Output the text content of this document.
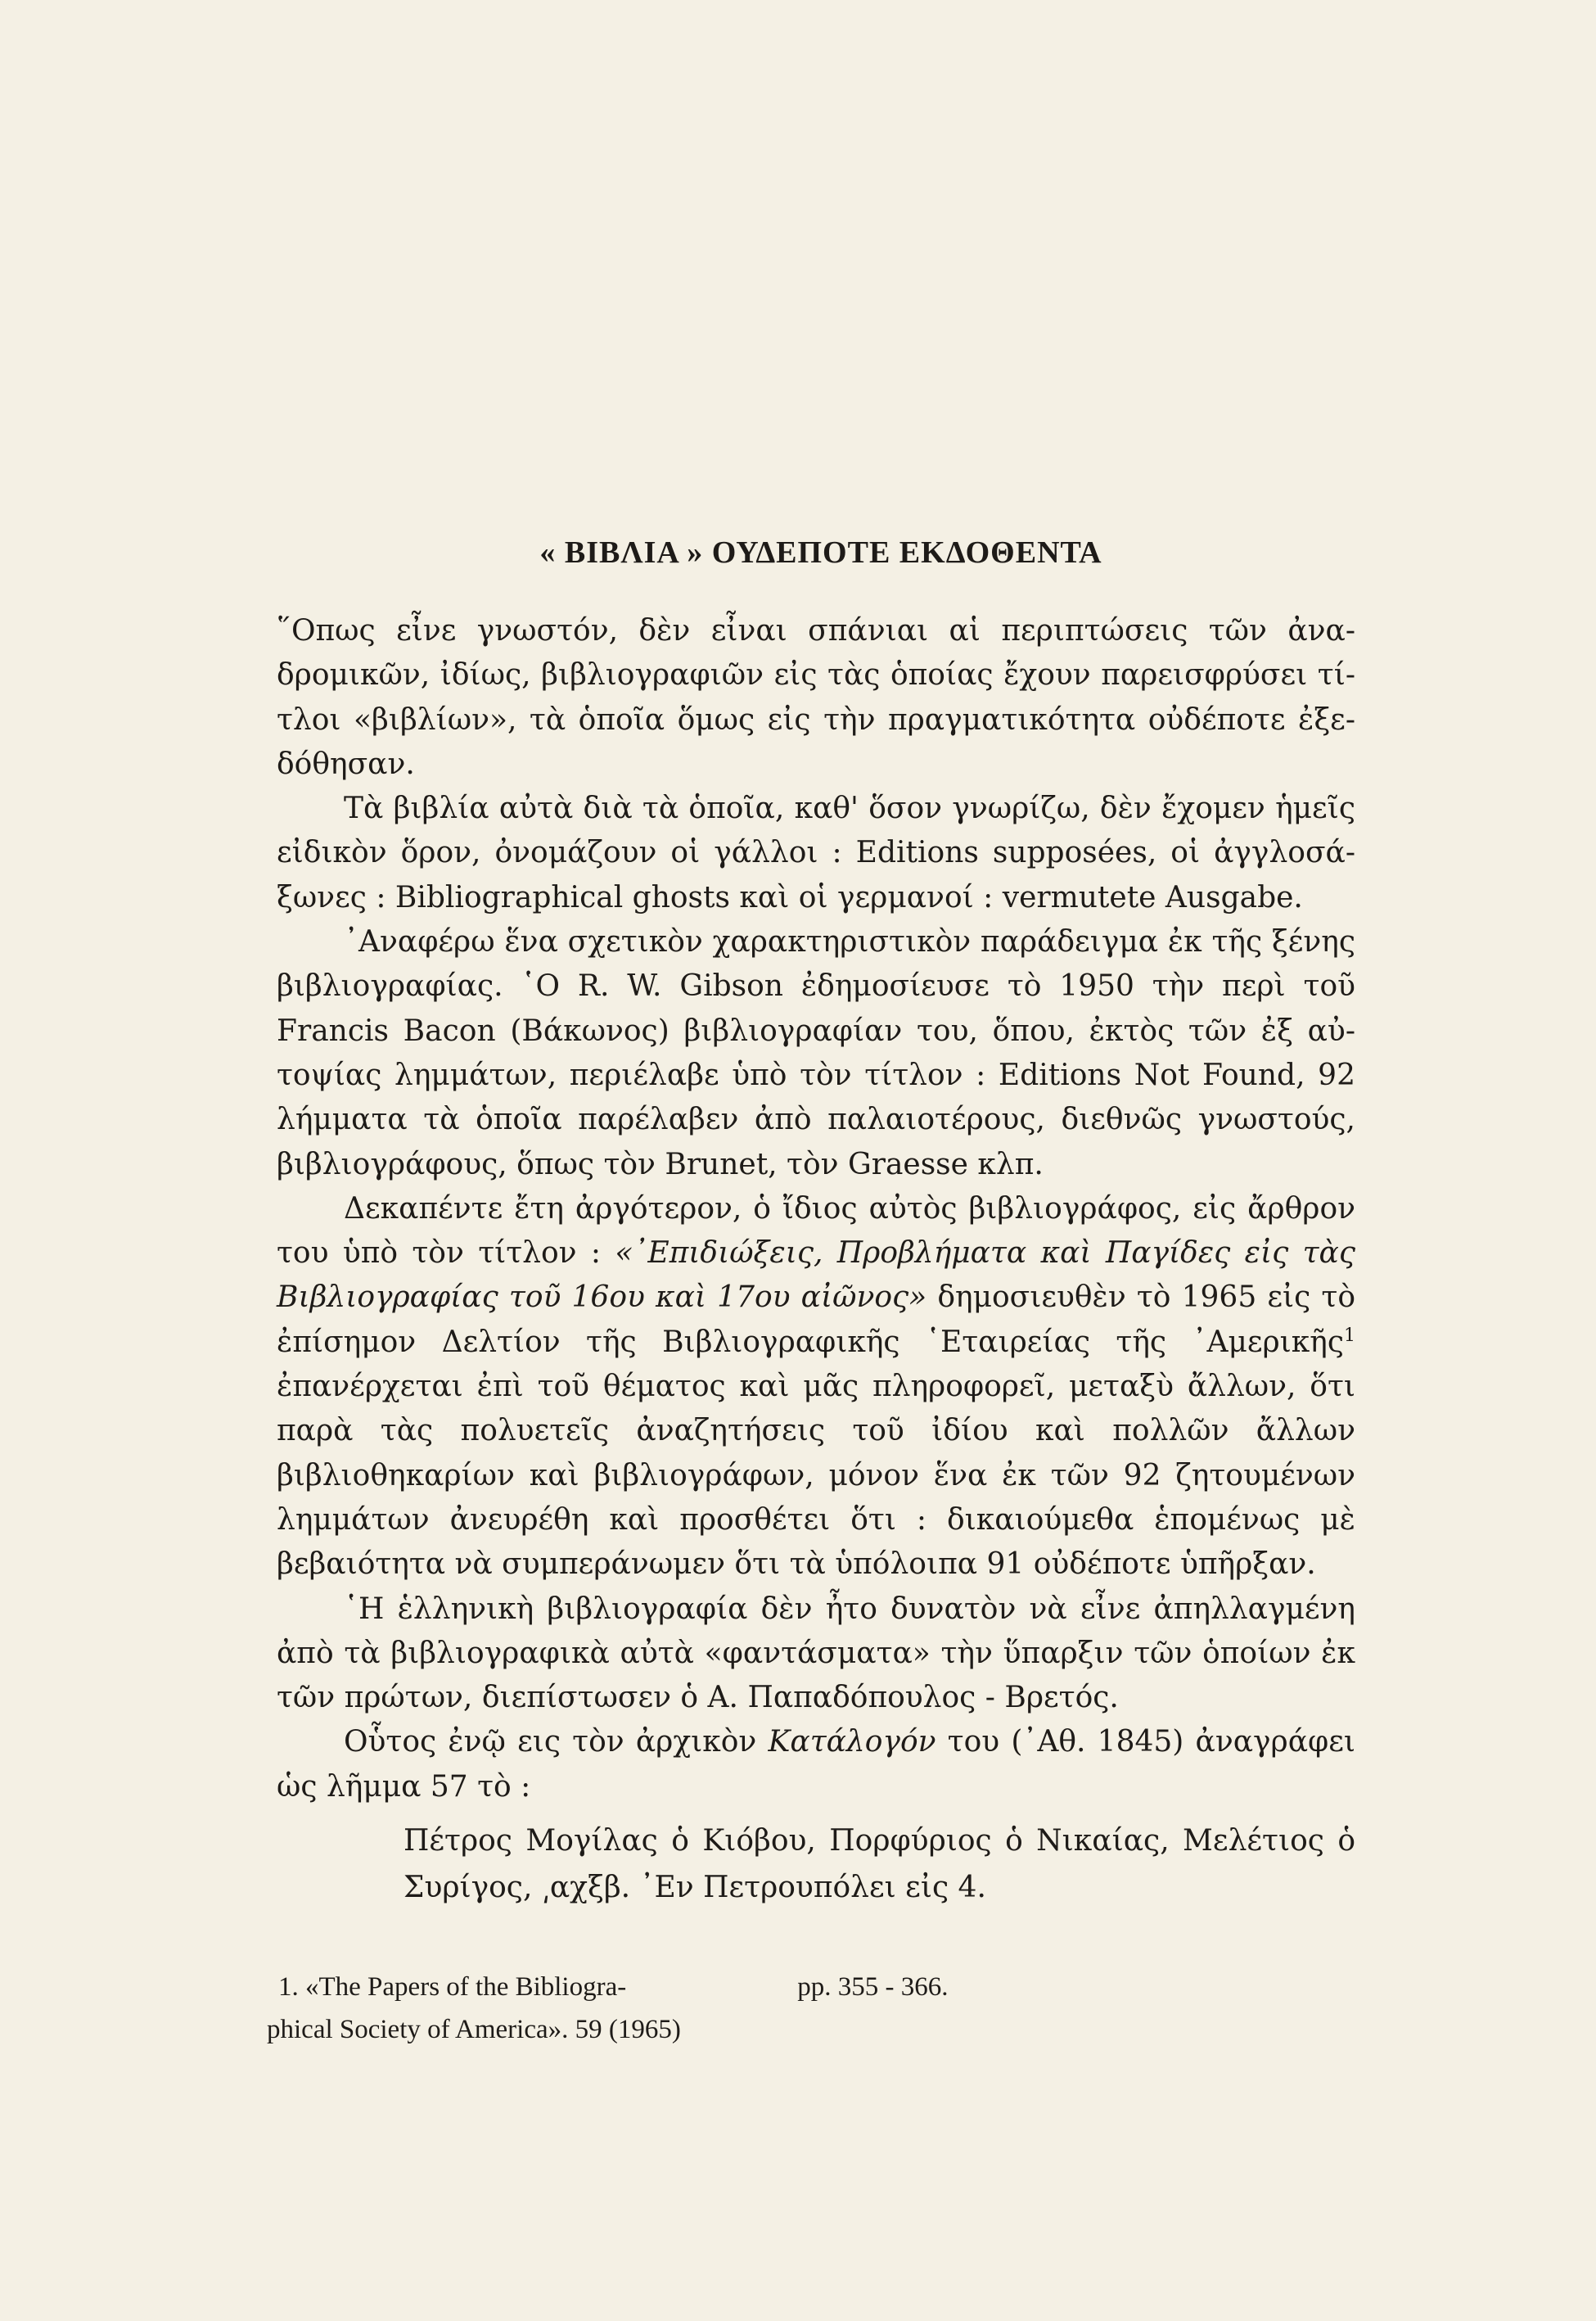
« ΒΙΒΛΙΑ » ΟΥΔΕΠΟΤΕ ΕΚΔΟΘΕΝΤΑ

῞Οπως εἶνε γνωστόν, δὲν εἶναι σπάνιαι αἱ περιπτώσεις τῶν ἀναδρομικῶν, ἰδίως, βιβλιογραφιῶν εἰς τὰς ὁποίας ἔχουν παρεισφρύσει τίτλοι «βιβλίων», τὰ ὁποῖα ὅμως εἰς τὴν πραγματικότητα οὐδέποτε ἐξεδόθησαν.

Τὰ βιβλία αὐτὰ διὰ τὰ ὁποῖα, καθ' ὅσον γνωρίζω, δὲν ἔχομεν ἡμεῖς εἰδικὸν ὅρον, ὀνομάζουν οἱ γάλλοι : Editions supposées, οἱ ἀγγλοσάξωνες : Bibliographical ghosts καὶ οἱ γερμανοί : vermutete Ausgabe.

᾿Αναφέρω ἕνα σχετικὸν χαρακτηριστικὸν παράδειγμα ἐκ τῆς ξένης βιβλιογραφίας. ῾Ο R. W. Gibson ἐδημοσίευσε τὸ 1950 τὴν περὶ τοῦ Francis Bacon (Βάκωνος) βιβλιογραφίαν του, ὅπου, ἐκτὸς τῶν ἐξ αὐτοψίας λημμάτων, περιέλαβε ὑπὸ τὸν τίτλον : Editions Not Found, 92 λήμματα τὰ ὁποῖα παρέλαβεν ἀπὸ παλαιοτέρους, διεθνῶς γνωστούς, βιβλιογράφους, ὅπως τὸν Brunet, τὸν Graesse κλπ.

Δεκαπέντε ἔτη ἀργότερον, ὁ ἴδιος αὐτὸς βιβλιογράφος, εἰς ἄρθρον του ὑπὸ τὸν τίτλον : «᾿Επιδιώξεις, Προβλήματα καὶ Παγίδες εἰς τὰς Βιβλιογραφίας τοῦ 16ου καὶ 17ου αἰῶνος» δημοσιευθὲν τὸ 1965 εἰς τὸ ἐπίσημον Δελτίον τῆς Βιβλιογραφικῆς ῾Εταιρείας τῆς ᾿Αμερικῆς$^1$ ἐπανέρχεται ἐπὶ τοῦ θέματος καὶ μᾶς πληροφορεῖ, μεταξὺ ἄλλων, ὅτι παρὰ τὰς πολυετεῖς ἀναζητήσεις τοῦ ἰδίου καὶ πολλῶν ἄλλων βιβλιοθηκαρίων καὶ βιβλιογράφων, μόνον ἕνα ἐκ τῶν 92 ζητουμένων λημμάτων ἀνευρέθη καὶ προσθέτει ὅτι : δικαιούμεθα ἑπομένως μὲ βεβαιότητα νὰ συμπεράνωμεν ὅτι τὰ ὑπόλοιπα 91 οὐδέποτε ὑπῆρξαν.

῾Η ἑλληνικὴ βιβλιογραφία δὲν ἦτο δυνατὸν νὰ εἶνε ἀπηλλαγμένη ἀπὸ τὰ βιβλιογραφικὰ αὐτὰ «φαντάσματα» τὴν ὕπαρξιν τῶν ὁποίων ἐκ τῶν πρώτων, διεπίστωσεν ὁ Α. Παπαδόπουλος - Βρετός.

Οὗτος ἐνῷ εις τὸν ἀρχικὸν Κατάλογόν του (᾿Αθ. 1845) ἀναγράφει ὡς λῆμμα 57 τὸ :

Πέτρος Μογίλας ὁ Κιόβου, Πορφύριος ὁ Νικαίας, Μελέτιος ὁ Συρίγος, ͵αχξβ. ᾿Εν Πετρουπόλει εἰς 4.

1. «The Papers of the Bibliogra-
phical Society of America». 59 (1965)
pp. 355 - 366.
